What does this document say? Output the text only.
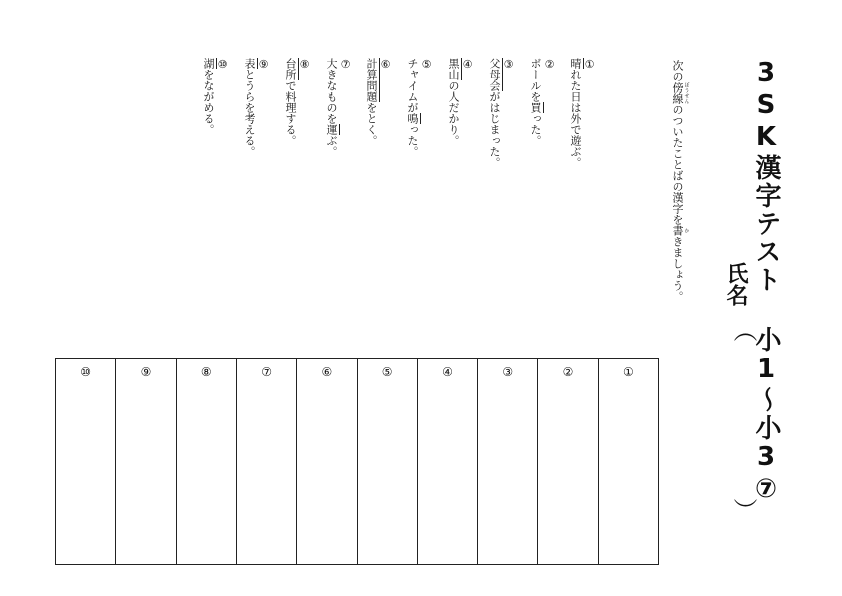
3SK漢字テスト 小1〜小3⑦
氏名
（
）
次の傍線 ぼうせんのついたことばの漢字を書 かきましょう。
①
晴れた日は外で遊ぶ。
②
ボールを買った。
③
父母会がはじまった。
④
黒山の人だかり。
⑤
チャイムが鳴った。
⑥
計算問題をとく。
⑦
大きなものを運ぶ。
⑧
台所で料理する。
⑨
表とうらを考える。
⑩
湖をながめる。
①
②
③
④
⑤
⑥
⑦
⑧
⑨
⑩
